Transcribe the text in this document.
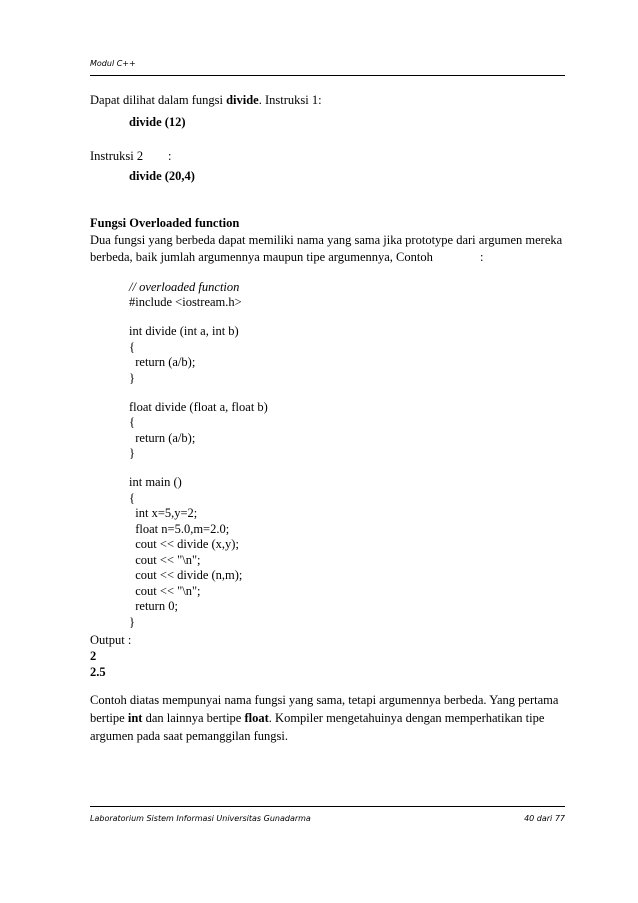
Modul C++
Dapat dilihat dalam fungsi divide. Instruksi 1:
divide (12)
Instruksi 2 :
divide (20,4)
Fungsi Overloaded function
Dua fungsi yang berbeda dapat memiliki nama yang sama jika prototype dari argumen mereka
berbeda, baik jumlah argumennya maupun tipe argumennya, Contoh	:
// overloaded function
#include <iostream.h>
int divide (int a, int b)
{
return (a/b);
}
float divide (float a, float b)
{
return (a/b);
}
int main ()
{
int x=5,y=2;
float n=5.0,m=2.0;
cout << divide (x,y);
cout << "\n";
cout << divide (n,m);
cout << "\n";
return 0;
}
Output :
2
2.5
Contoh diatas mempunyai nama fungsi yang sama, tetapi argumennya berbeda. Yang pertama
bertipe int dan lainnya bertipe float. Kompiler mengetahuinya dengan memperhatikan tipe
argumen pada saat pemanggilan fungsi.
Laboratorium Sistem Informasi Universitas Gunadarma	40 dari 77
